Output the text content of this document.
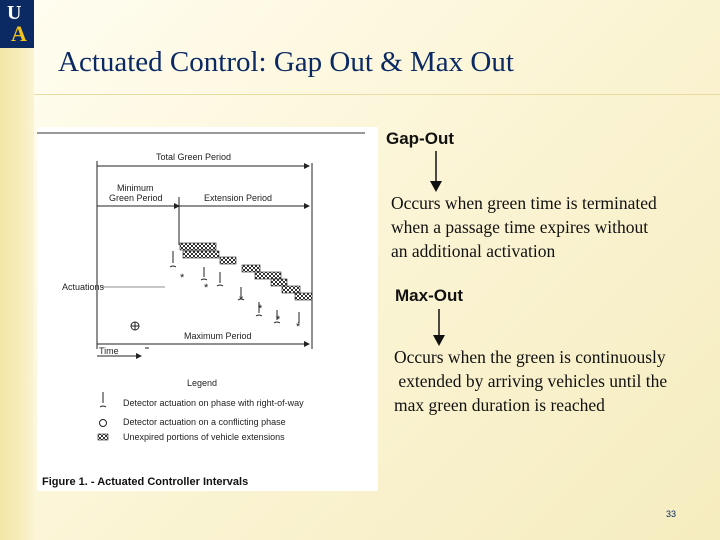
U
A
Actuated Control: Gap Out & Max Out
Total Green Period
Minimum
Green Period	Extension Period
*
*
*
*
*
*
Actuations
Maximum Period
Time
Legend
Detector actuation on phase with right-of-way
Detector actuation on a conflicting phase
Unexpired portions of vehicle extensions
Figure 1. - Actuated Controller Intervals
Gap-Out
Occurs when green time is terminated
when a passage time expires without
an additional activation
Max-Out
Occurs when the green is continuously
extended by arriving vehicles until the
max green duration is reached
33
